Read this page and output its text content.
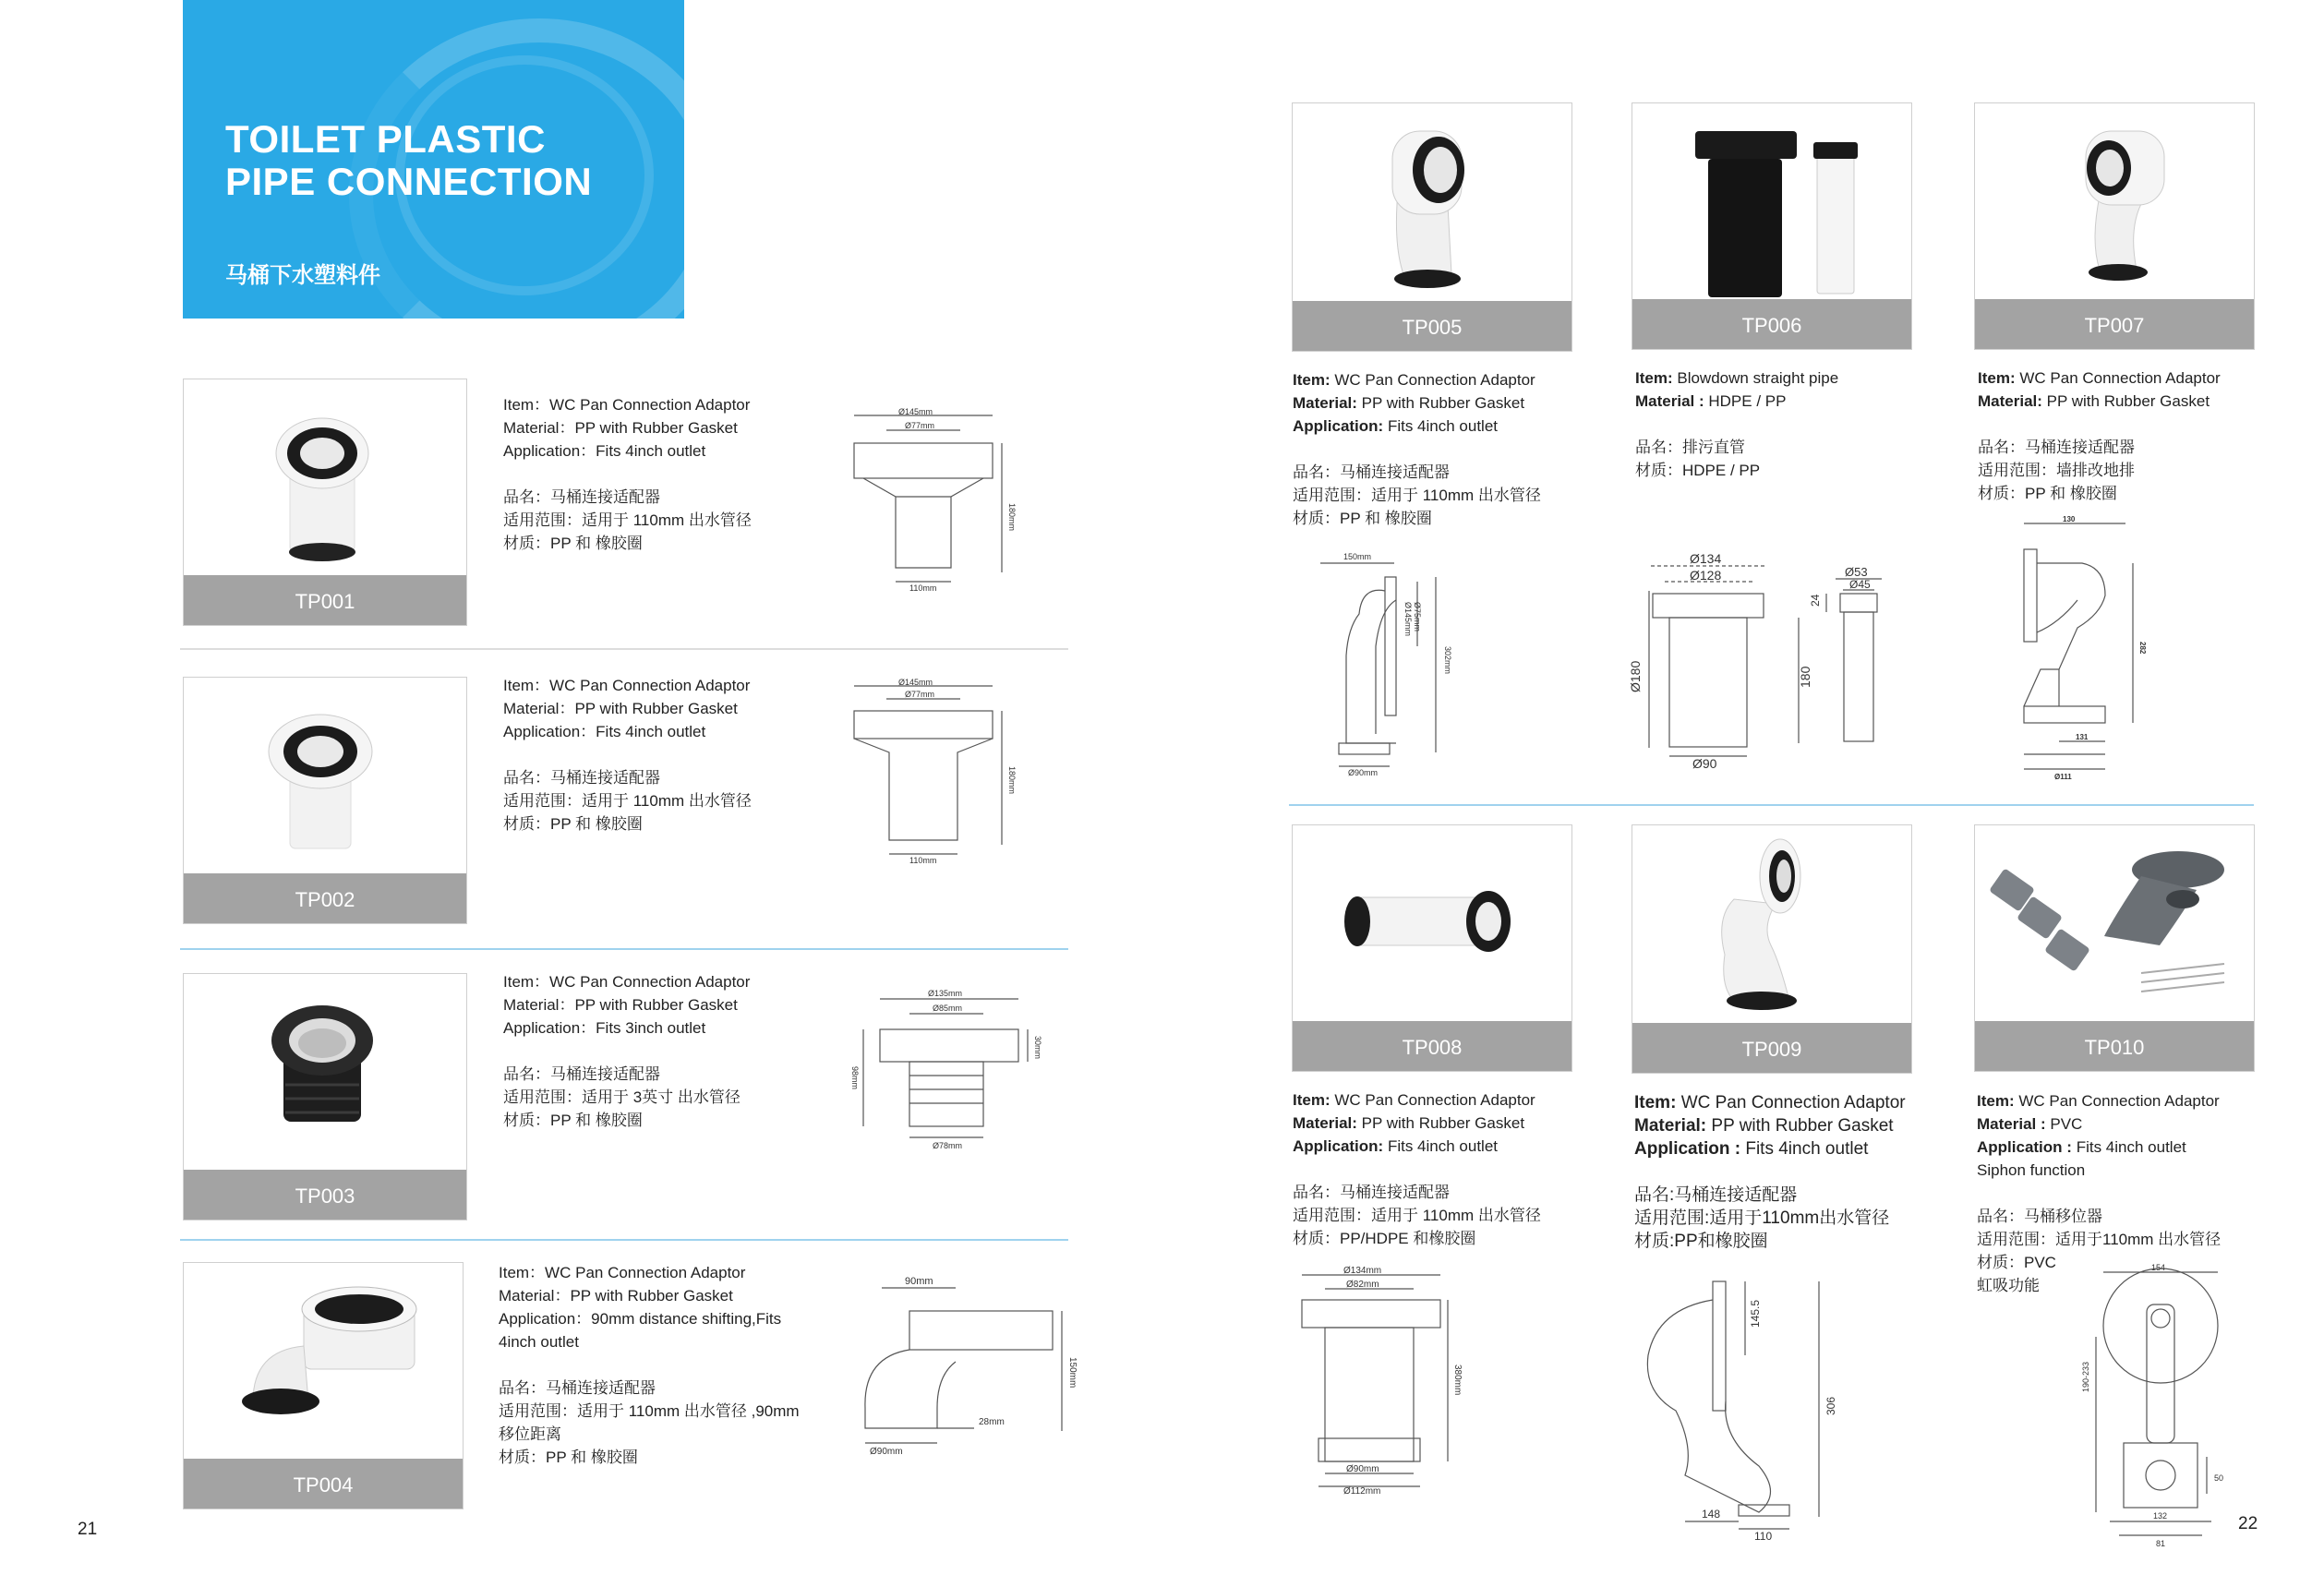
TOILET PLASTIC PIPE CONNECTION
马桶下水塑料件
TP001

Item：WC Pan Connection Adaptor

Material：PP with Rubber Gasket

Application：Fits 4inch outlet

品名：马桶连接适配器

适用范围：适用于 110mm 出水管径

材质：PP 和 橡胶圈

Ø145mm
Ø77mm
180mm
110mm
TP002

Item：WC Pan Connection Adaptor

Material：PP with Rubber Gasket

Application：Fits 4inch outlet

品名：马桶连接适配器

适用范围：适用于 110mm 出水管径

材质：PP 和 橡胶圈

Ø145mm
Ø77mm
180mm
110mm
TP003

Item：WC Pan Connection Adaptor

Material：PP with Rubber Gasket

Application：Fits 3inch outlet

品名：马桶连接适配器

适用范围：适用于 3英寸 出水管径

材质：PP 和 橡胶圈

Ø135mm
Ø85mm
98mm
30mm
Ø78mm
TP004

Item：WC Pan Connection Adaptor

Material：PP with Rubber Gasket

Application：90mm distance shifting,Fits

4inch outlet

品名：马桶连接适配器

适用范围：适用于 110mm 出水管径 ,90mm

移位距离

材质：PP 和 橡胶圈

90mm
150mm
28mm
Ø90mm
21
TP005

Item: WC Pan Connection Adaptor

Material: PP with Rubber Gasket

Application: Fits 4inch outlet

品名：马桶连接适配器

适用范围：适用于 110mm 出水管径

材质：PP 和 橡胶圈

150mm
Ø145mm Ø75mm
302mm
Ø90mm
TP006

Item: Blowdown straight pipe

Material : HDPE / PP

品名：排污直管

材质：HDPE / PP

Ø134
Ø128	Ø53
Ø45
24
Ø180	180
Ø90
TP007

Item: WC Pan Connection Adaptor

Material: PP with Rubber Gasket

品名：马桶连接适配器

适用范围：墙排改地排

材质：PP 和 橡胶圈

130
282
131
Ø111
TP008

Item: WC Pan Connection Adaptor

Material: PP with Rubber Gasket

Application: Fits 4inch outlet

品名：马桶连接适配器

适用范围：适用于 110mm 出水管径

材质：PP/HDPE 和橡胶圈

Ø134mm
Ø82mm
380mm
Ø90mm
Ø112mm
TP009

Item: WC Pan Connection Adaptor

Material: PP with Rubber Gasket

Application : Fits 4inch outlet

品名:马桶连接适配器

适用范围:适用于110mm出水管径

材质:PP和橡胶圈

145.5
306
148
110
TP010

Item: WC Pan Connection Adaptor

Material : PVC

Application : Fits 4inch outlet

Siphon function

品名：马桶移位器

适用范围：适用于110mm 出水管径

材质：PVC

虹吸功能

154
190-233
132
81
50
22
